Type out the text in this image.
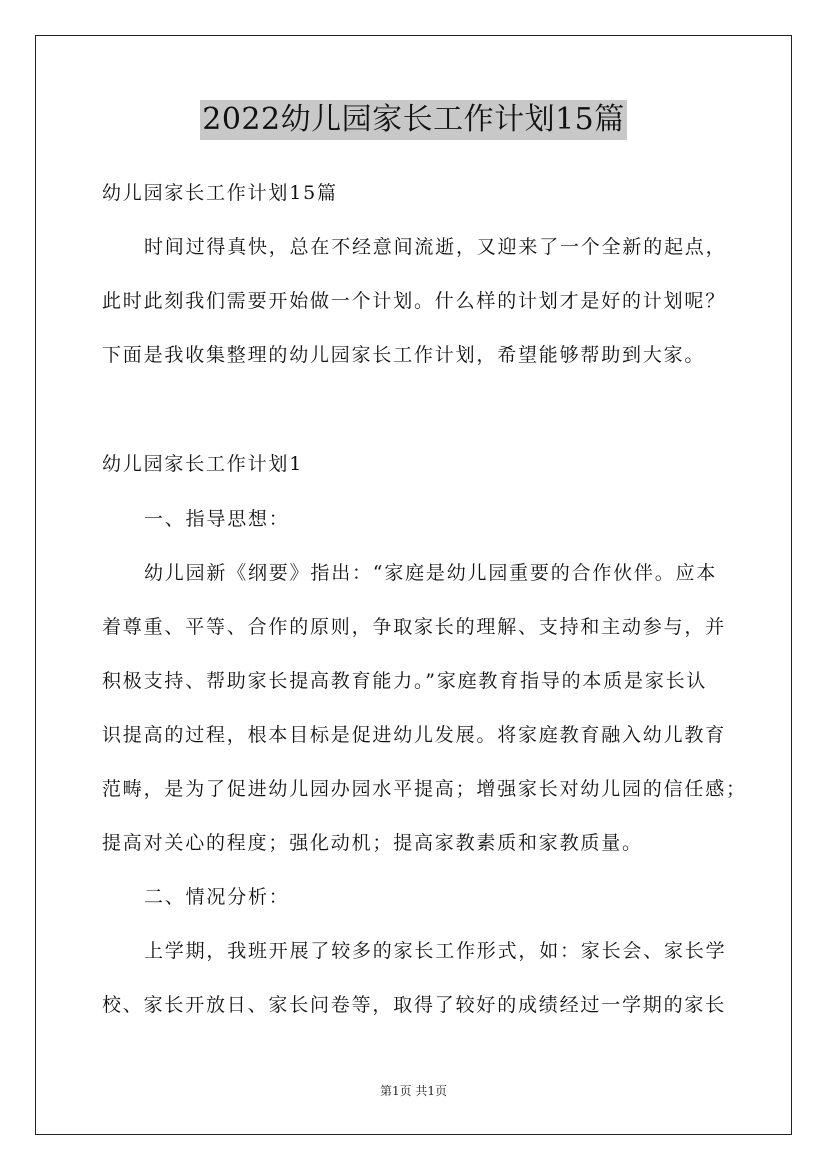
2022幼儿园家长工作计划15篇
幼儿园家长工作计划15篇
时间过得真快，总在不经意间流逝，又迎来了一个全新的起点，
此时此刻我们需要开始做一个计划。什么样的计划才是好的计划呢？
下面是我收集整理的幼儿园家长工作计划，希望能够帮助到大家。
幼儿园家长工作计划1
一、指导思想：
幼儿园新《纲要》指出：“家庭是幼儿园重要的合作伙伴。应本
着尊重、平等、合作的原则，争取家长的理解、支持和主动参与，并
积极支持、帮助家长提高教育能力。”家庭教育指导的本质是家长认
识提高的过程，根本目标是促进幼儿发展。将家庭教育融入幼儿教育
范畴，是为了促进幼儿园办园水平提高；增强家长对幼儿园的信任感；
提高对关心的程度；强化动机；提高家教素质和家教质量。
二、情况分析：
上学期，我班开展了较多的家长工作形式，如：家长会、家长学
校、家长开放日、家长问卷等，取得了较好的成绩经过一学期的家长
第1页 共1页
